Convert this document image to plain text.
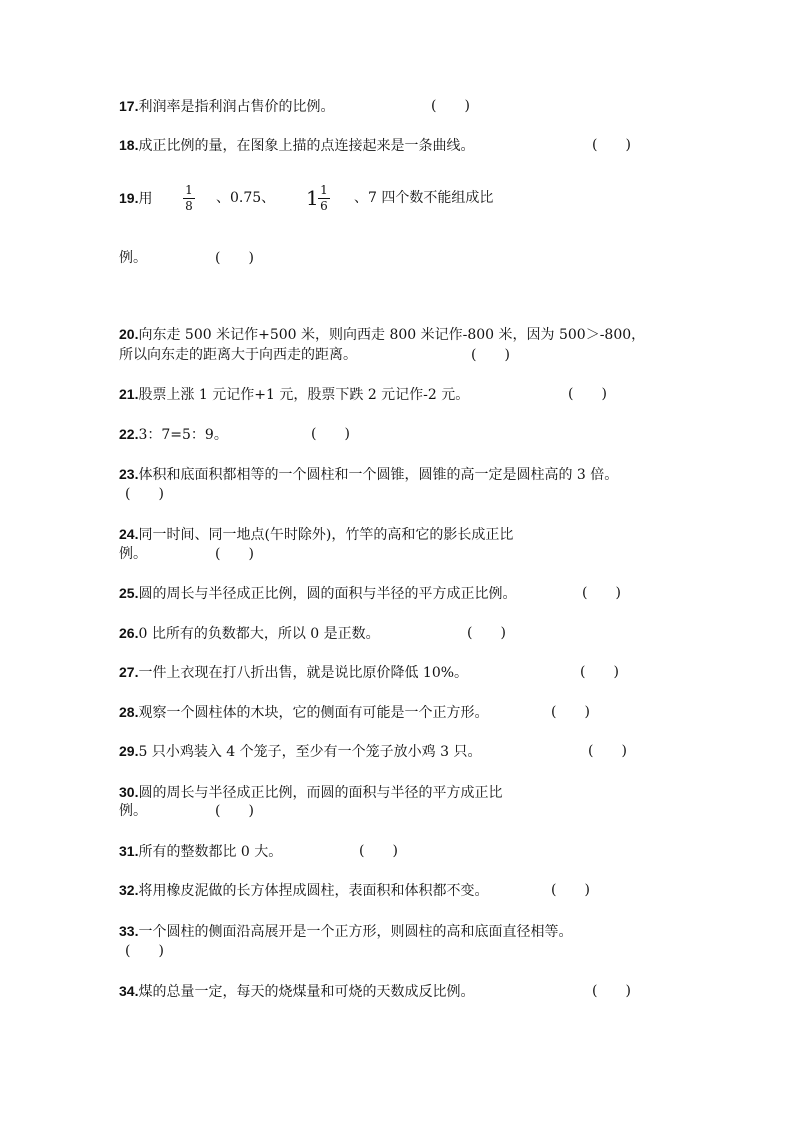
17.利润率是指利润占售价的比例。	(　　)
18.成正比例的量，在图象上描的点连接起来是一条曲线。	(　　)
19.用
1
8 、0.75、 1 1
6 、7 四个数不能组成比
例。	(　　)
20.向东走 500 米记作+500 米，则向西走 800 米记作-800 米，因为 500＞-800，
所以向东走的距离大于向西走的距离。	(　　)
21.股票上涨 1 元记作+1 元，股票下跌 2 元记作-2 元。	(　　)
22.3：7=5：9。	(　　)
23.体积和底面积都相等的一个圆柱和一个圆锥，圆锥的高一定是圆柱高的 3 倍。
(　　)
24.同一时间、同一地点(午时除外)，竹竿的高和它的影长成正比
例。	(　　)
25.圆的周长与半径成正比例，圆的面积与半径的平方成正比例。	(　　)
26.0 比所有的负数都大，所以 0 是正数。	(　　)
27.一件上衣现在打八折出售，就是说比原价降低 10%。	(　　)
28.观察一个圆柱体的木块，它的侧面有可能是一个正方形。	(　　)
29.5 只小鸡装入 4 个笼子，至少有一个笼子放小鸡 3 只。	(　　)
30.圆的周长与半径成正比例，而圆的面积与半径的平方成正比
例。	(　　)
31.所有的整数都比 0 大。	(　　)
32.将用橡皮泥做的长方体捏成圆柱，表面积和体积都不变。	(　　)
33.一个圆柱的侧面沿高展开是一个正方形，则圆柱的高和底面直径相等。
(　　)
34.煤的总量一定，每天的烧煤量和可烧的天数成反比例。	(　　)
